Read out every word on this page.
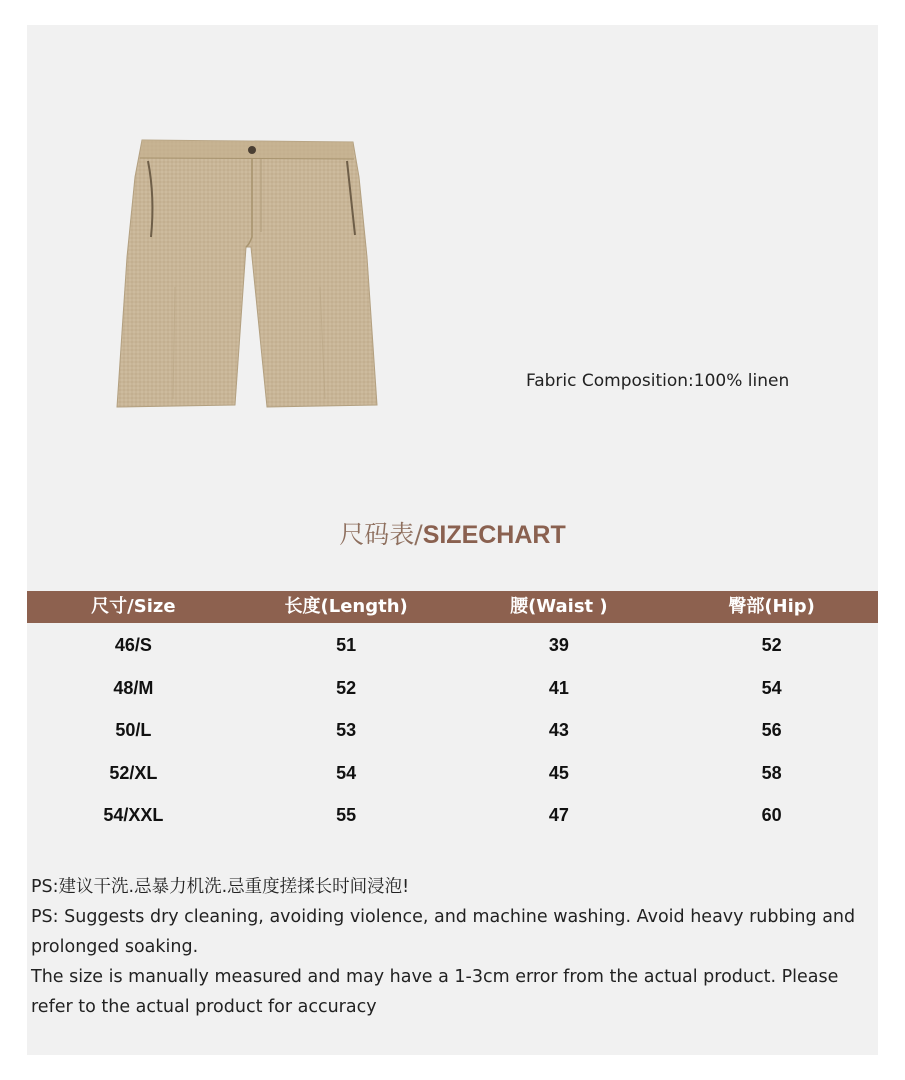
Fabric Composition:100% linen
尺码表/SIZECHART
尺寸/Size	长度(Length)	腰(Waist )	臀部(Hip)
46/S	51	39	52
48/M	52	41	54
50/L	53	43	56
52/XL	54	45	58
54/XXL	55	47	60

PS:建议干洗.忌暴力机洗.忌重度搓揉长时间浸泡!

PS: Suggests dry cleaning, avoiding violence, and machine washing. Avoid heavy rubbing and prolonged soaking.

The size is manually measured and may have a 1-3cm error from the actual product. Please refer to the actual product for accuracy
